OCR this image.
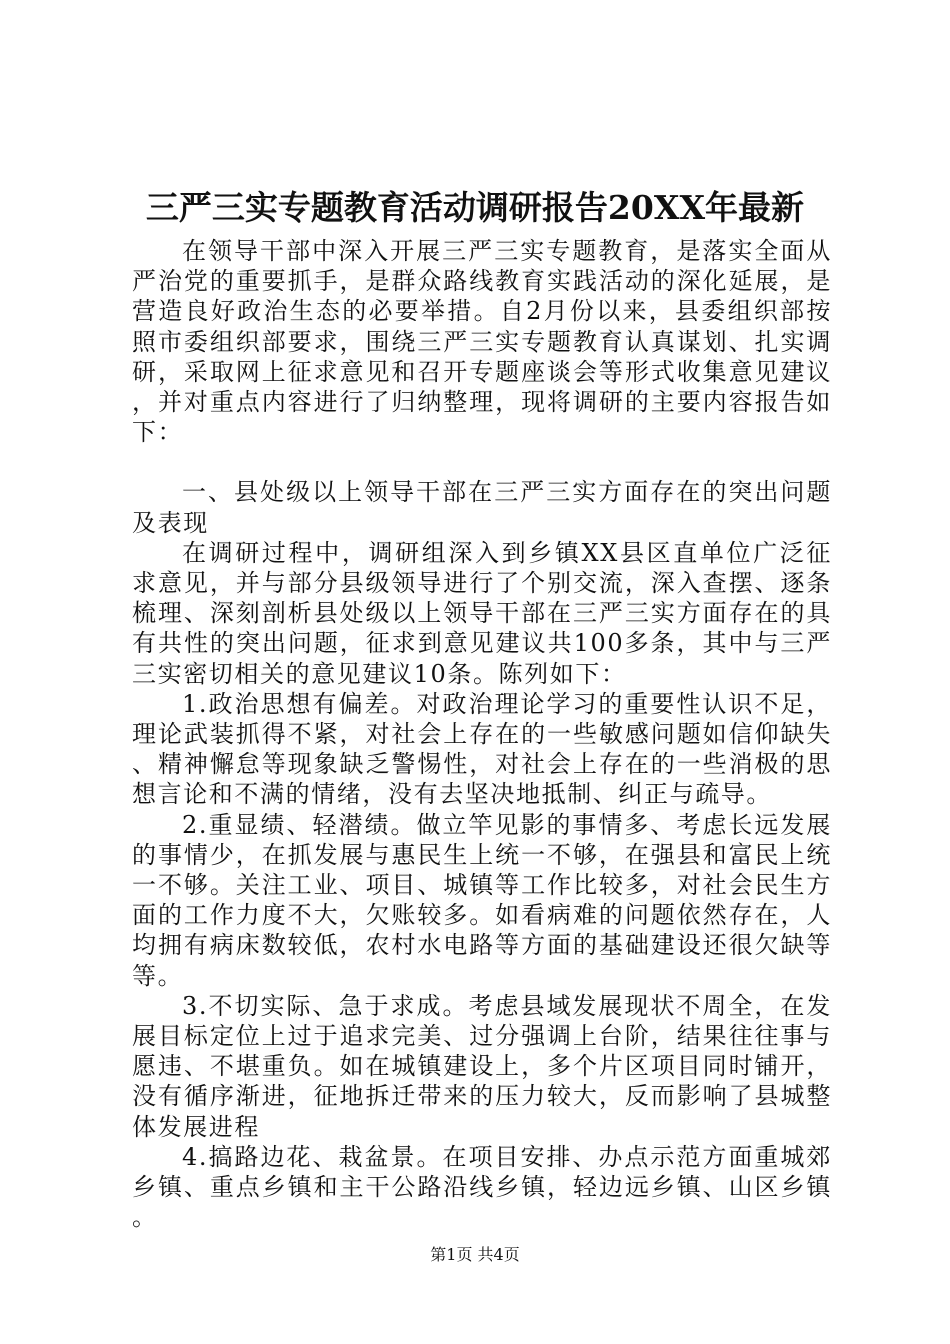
三严三实专题教育活动调研报告20XX年最新

在领导干部中深入开展三严三实专题教育，是落实全面从严治党的重要抓手，是群众路线教育实践活动的深化延展，是营造良好政治生态的必要举措。自2月份以来，县委组织部按照市委组织部要求，围绕三严三实专题教育认真谋划、扎实调研，采取网上征求意见和召开专题座谈会等形式收集意见建议，并对重点内容进行了归纳整理，现将调研的主要内容报告如下：

一、县处级以上领导干部在三严三实方面存在的突出问题及表现

在调研过程中，调研组深入到乡镇XX县区直单位广泛征求意见，并与部分县级领导进行了个别交流，深入查摆、逐条梳理、深刻剖析县处级以上领导干部在三严三实方面存在的具有共性的突出问题，征求到意见建议共100多条，其中与三严三实密切相关的意见建议10条。陈列如下：

1.政治思想有偏差。对政治理论学习的重要性认识不足，理论武装抓得不紧，对社会上存在的一些敏感问题如信仰缺失、精神懈怠等现象缺乏警惕性，对社会上存在的一些消极的思想言论和不满的情绪，没有去坚决地抵制、纠正与疏导。

2.重显绩、轻潜绩。做立竿见影的事情多、考虑长远发展的事情少，在抓发展与惠民生上统一不够，在强县和富民上统一不够。关注工业、项目、城镇等工作比较多，对社会民生方面的工作力度不大，欠账较多。如看病难的问题依然存在，人均拥有病床数较低，农村水电路等方面的基础建设还很欠缺等等。

3.不切实际、急于求成。考虑县域发展现状不周全，在发展目标定位上过于追求完美、过分强调上台阶，结果往往事与愿违、不堪重负。如在城镇建设上，多个片区项目同时铺开，没有循序渐进，征地拆迁带来的压力较大，反而影响了县城整体发展进程

4.搞路边花、栽盆景。在项目安排、办点示范方面重城郊乡镇、重点乡镇和主干公路沿线乡镇，轻边远乡镇、山区乡镇。

第1页 共4页
